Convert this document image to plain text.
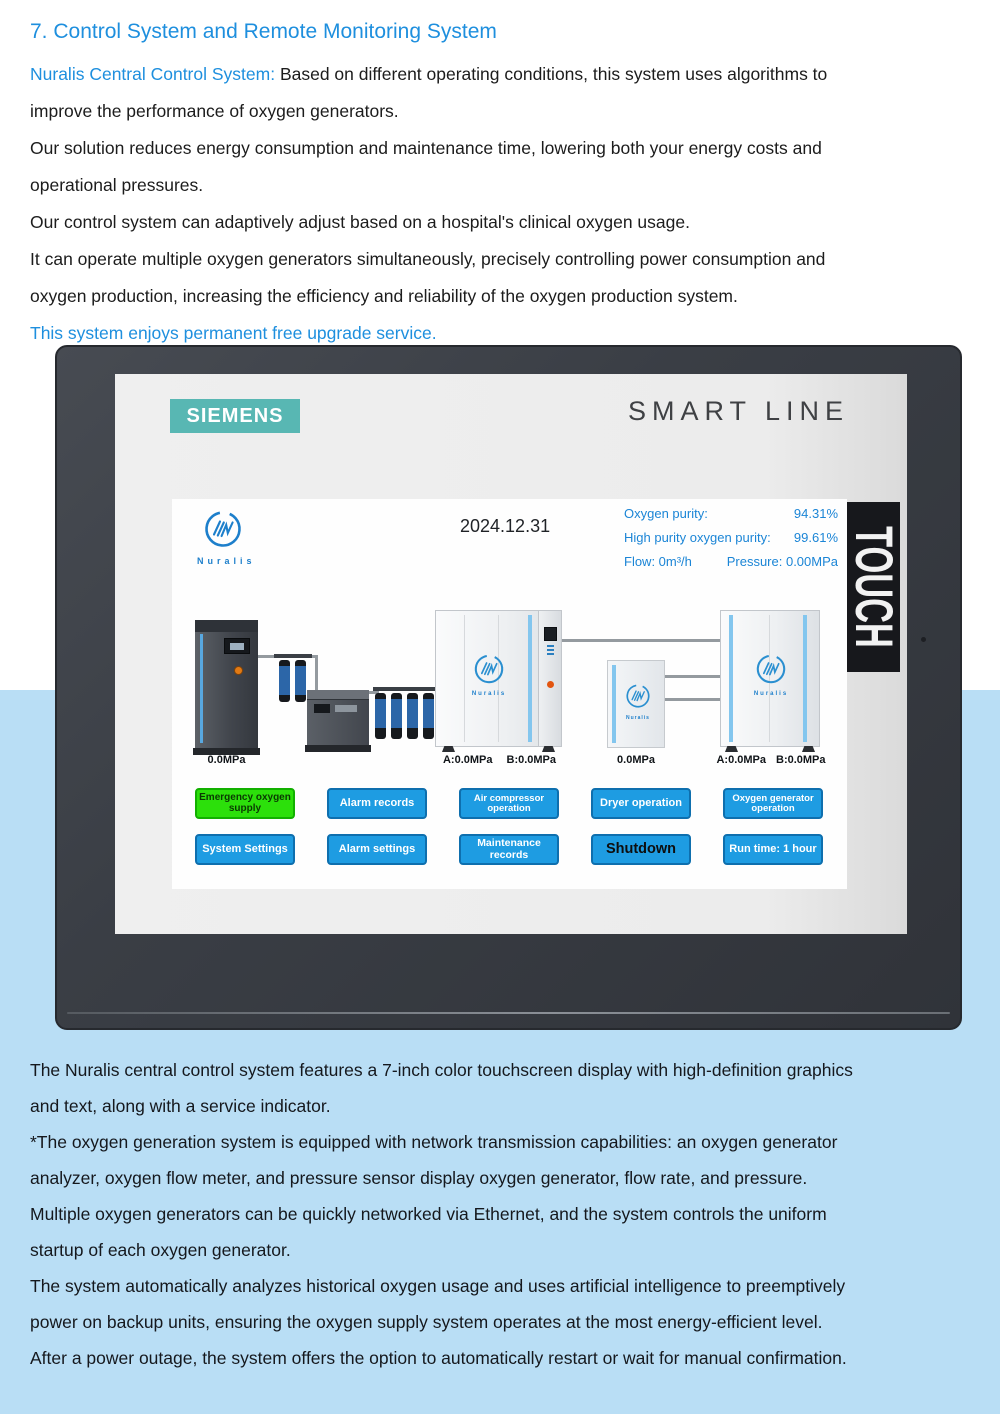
7. Control System and Remote Monitoring System
Nuralis Central Control System: Based on different operating conditions, this system uses algorithms to
improve the performance of oxygen generators.
Our solution reduces energy consumption and maintenance time, lowering both your energy costs and
operational pressures.
Our control system can adaptively adjust based on a hospital's clinical oxygen usage.
It can operate multiple oxygen generators simultaneously, precisely controlling power consumption and
oxygen production, increasing the efficiency and reliability of the oxygen production system.
This system enjoys permanent free upgrade service.
SIEMENS	SMART LINE
Nuralis
2024.12.31
Oxygen purity:	94.31%
High purity oxygen purity: 99.61%
Flow: 0m³/h	Pressure: 0.00MPa
Nuralis
Nuralis
Nuralis
0.0MPa	A:0.0MPa B:0.0MPa	0.0MPa	A:0.0MPa B:0.0MPa
Emergency oxygen supply	Alarm records	Air compressor operation	Dryer operation	Oxygen generator operation
System Settings	Alarm settings	Maintenance records	Shutdown	Run time: 1 hour
TOUCH
The Nuralis central control system features a 7-inch color touchscreen display with high-definition graphics
and text, along with a service indicator.
*The oxygen generation system is equipped with network transmission capabilities: an oxygen generator
analyzer, oxygen flow meter, and pressure sensor display oxygen generator, flow rate, and pressure.
Multiple oxygen generators can be quickly networked via Ethernet, and the system controls the uniform
startup of each oxygen generator.
The system automatically analyzes historical oxygen usage and uses artificial intelligence to preemptively
power on backup units, ensuring the oxygen supply system operates at the most energy-efficient level.
After a power outage, the system offers the option to automatically restart or wait for manual confirmation.
